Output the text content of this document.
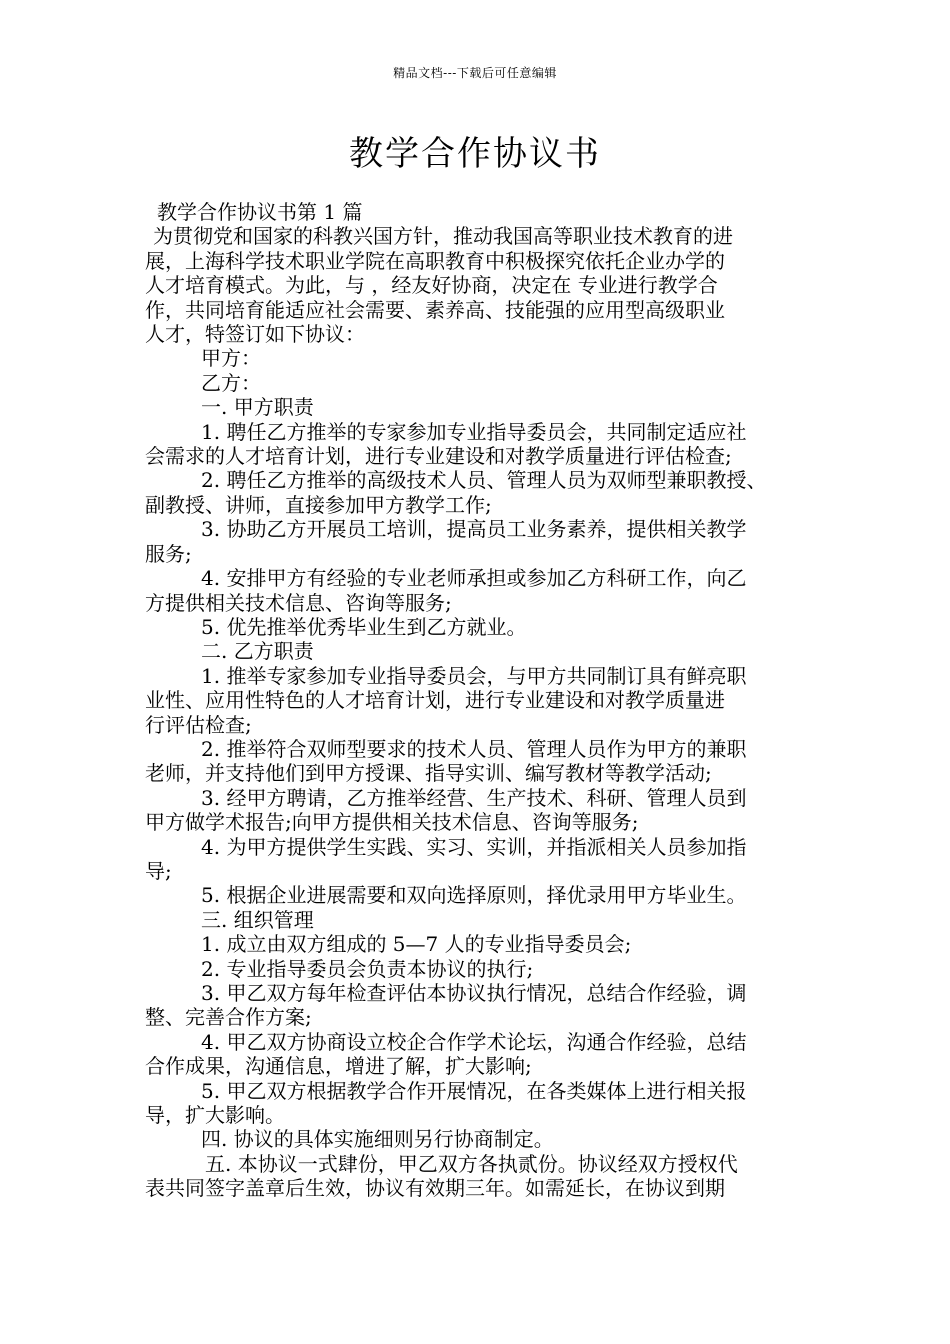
精品文档---下载后可任意编辑
教学合作协议书

教学合作协议书第 1 篇

为贯彻党和国家的科教兴国方针，推动我国高等职业技术教育的进

展，上海科学技术职业学院在高职教育中积极探究依托企业办学的

人才培育模式。为此，与 ，经友好协商，决定在 专业进行教学合

作，共同培育能适应社会需要、素养高、技能强的应用型高级职业

人才，特签订如下协议：

甲方：

乙方：

一. 甲方职责

1. 聘任乙方推举的专家参加专业指导委员会，共同制定适应社

会需求的人才培育计划，进行专业建设和对教学质量进行评估检查;

2. 聘任乙方推举的高级技术人员、管理人员为双师型兼职教授、

副教授、讲师，直接参加甲方教学工作;

3. 协助乙方开展员工培训，提高员工业务素养，提供相关教学

服务;

4. 安排甲方有经验的专业老师承担或参加乙方科研工作，向乙

方提供相关技术信息、咨询等服务;

5. 优先推举优秀毕业生到乙方就业。

二. 乙方职责

1. 推举专家参加专业指导委员会，与甲方共同制订具有鲜亮职

业性、应用性特色的人才培育计划，进行专业建设和对教学质量进

行评估检查;

2. 推举符合双师型要求的技术人员、管理人员作为甲方的兼职

老师，并支持他们到甲方授课、指导实训、编写教材等教学活动;

3. 经甲方聘请，乙方推举经营、生产技术、科研、管理人员到

甲方做学术报告;向甲方提供相关技术信息、咨询等服务;

4. 为甲方提供学生实践、实习、实训，并指派相关人员参加指

导;

5. 根据企业进展需要和双向选择原则，择优录用甲方毕业生。

三. 组织管理

1. 成立由双方组成的 5—7 人的专业指导委员会;

2. 专业指导委员会负责本协议的执行;

3. 甲乙双方每年检查评估本协议执行情况，总结合作经验，调

整、完善合作方案;

4. 甲乙双方协商设立校企合作学术论坛，沟通合作经验，总结

合作成果，沟通信息，增进了解，扩大影响;

5. 甲乙双方根据教学合作开展情况，在各类媒体上进行相关报

导，扩大影响。

四. 协议的具体实施细则另行协商制定。

五. 本协议一式肆份，甲乙双方各执贰份。协议经双方授权代

表共同签字盖章后生效，协议有效期三年。如需延长，在协议到期
